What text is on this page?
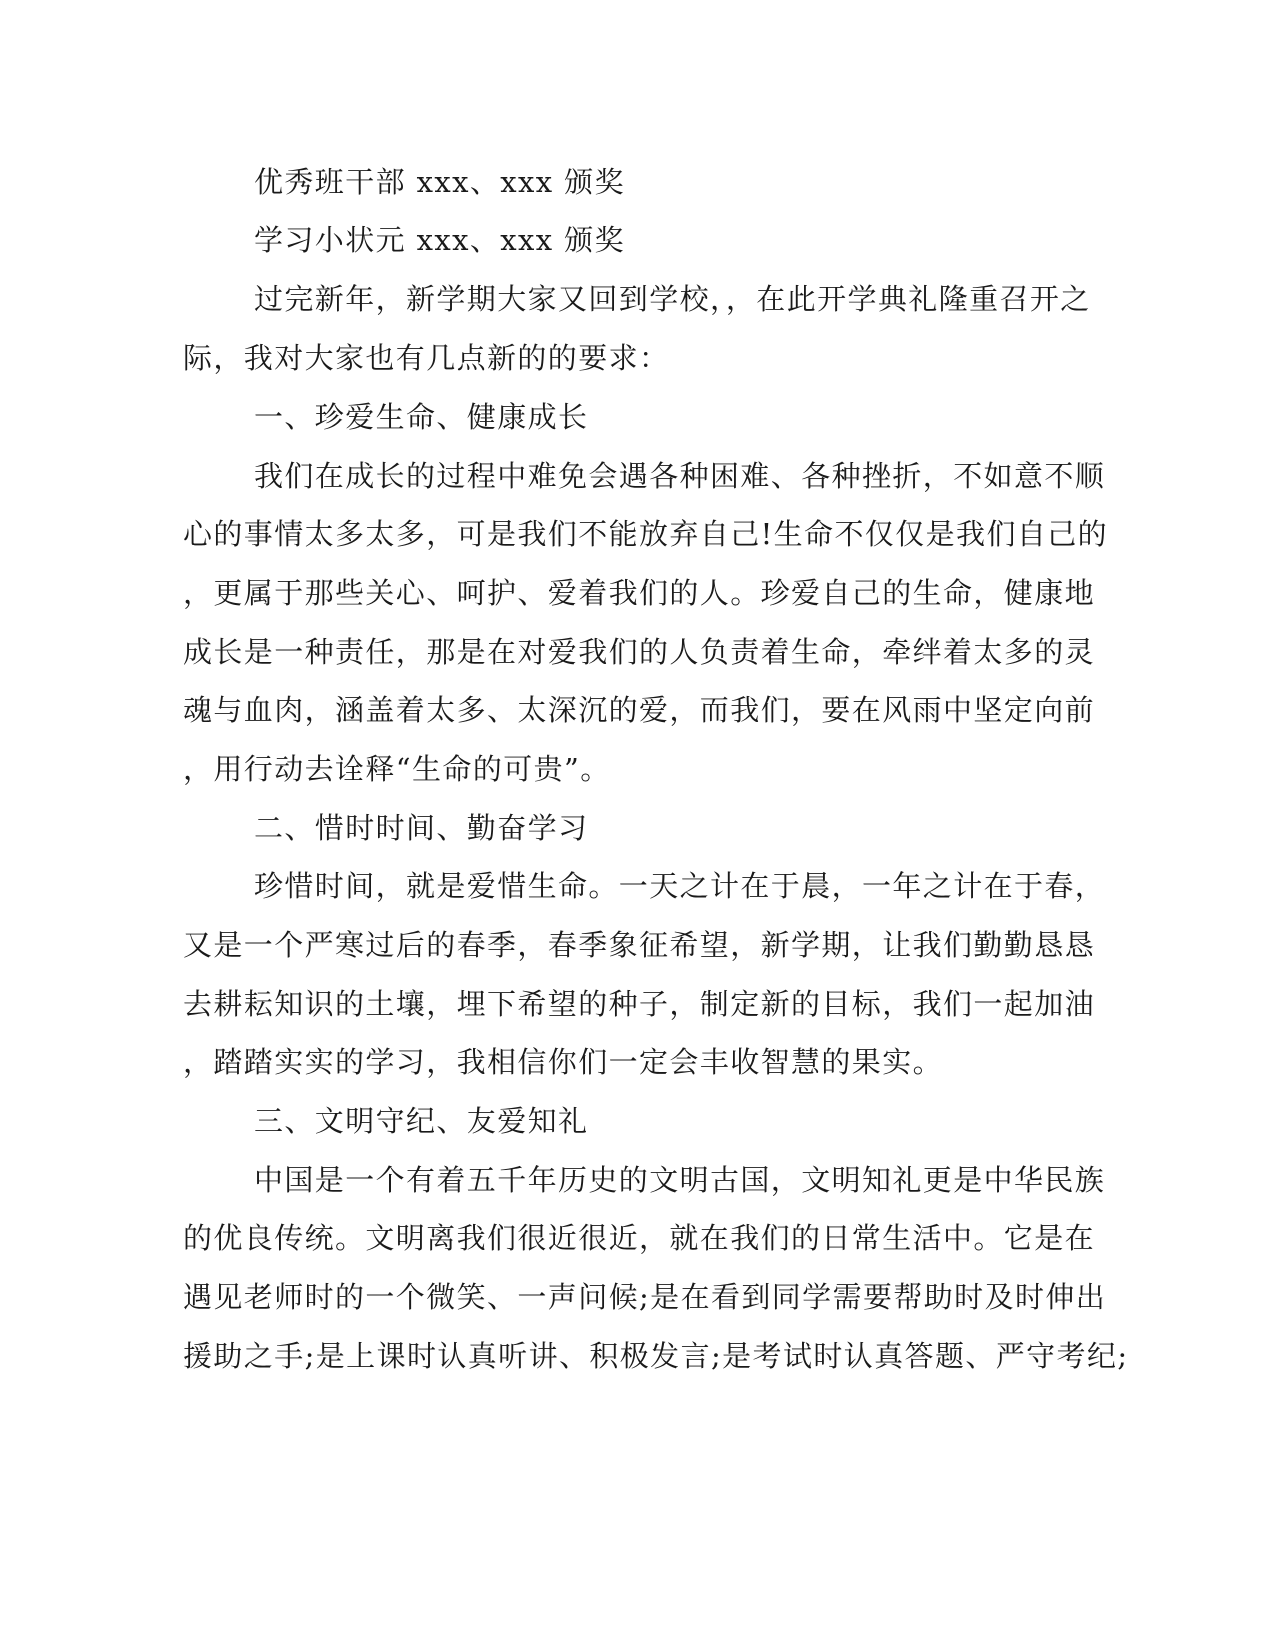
优秀班干部 xxx、xxx 颁奖
学习小状元 xxx、xxx 颁奖
过完新年，新学期大家又回到学校，，在此开学典礼隆重召开之
际，我对大家也有几点新的的要求：
一、珍爱生命、健康成长
我们在成长的过程中难免会遇各种困难、各种挫折，不如意不顺
心的事情太多太多，可是我们不能放弃自己!生命不仅仅是我们自己的
，更属于那些关心、呵护、爱着我们的人。珍爱自己的生命，健康地
成长是一种责任，那是在对爱我们的人负责着生命，牵绊着太多的灵
魂与血肉，涵盖着太多、太深沉的爱，而我们，要在风雨中坚定向前
，用行动去诠释“生命的可贵”。
二、惜时时间、勤奋学习
珍惜时间，就是爱惜生命。一天之计在于晨，一年之计在于春，
又是一个严寒过后的春季，春季象征希望，新学期，让我们勤勤恳恳
去耕耘知识的土壤，埋下希望的种子，制定新的目标，我们一起加油
，踏踏实实的学习，我相信你们一定会丰收智慧的果实。
三、文明守纪、友爱知礼
中国是一个有着五千年历史的文明古国，文明知礼更是中华民族
的优良传统。文明离我们很近很近，就在我们的日常生活中。它是在
遇见老师时的一个微笑、一声问候;是在看到同学需要帮助时及时伸出
援助之手;是上课时认真听讲、积极发言;是考试时认真答题、严守考纪;
